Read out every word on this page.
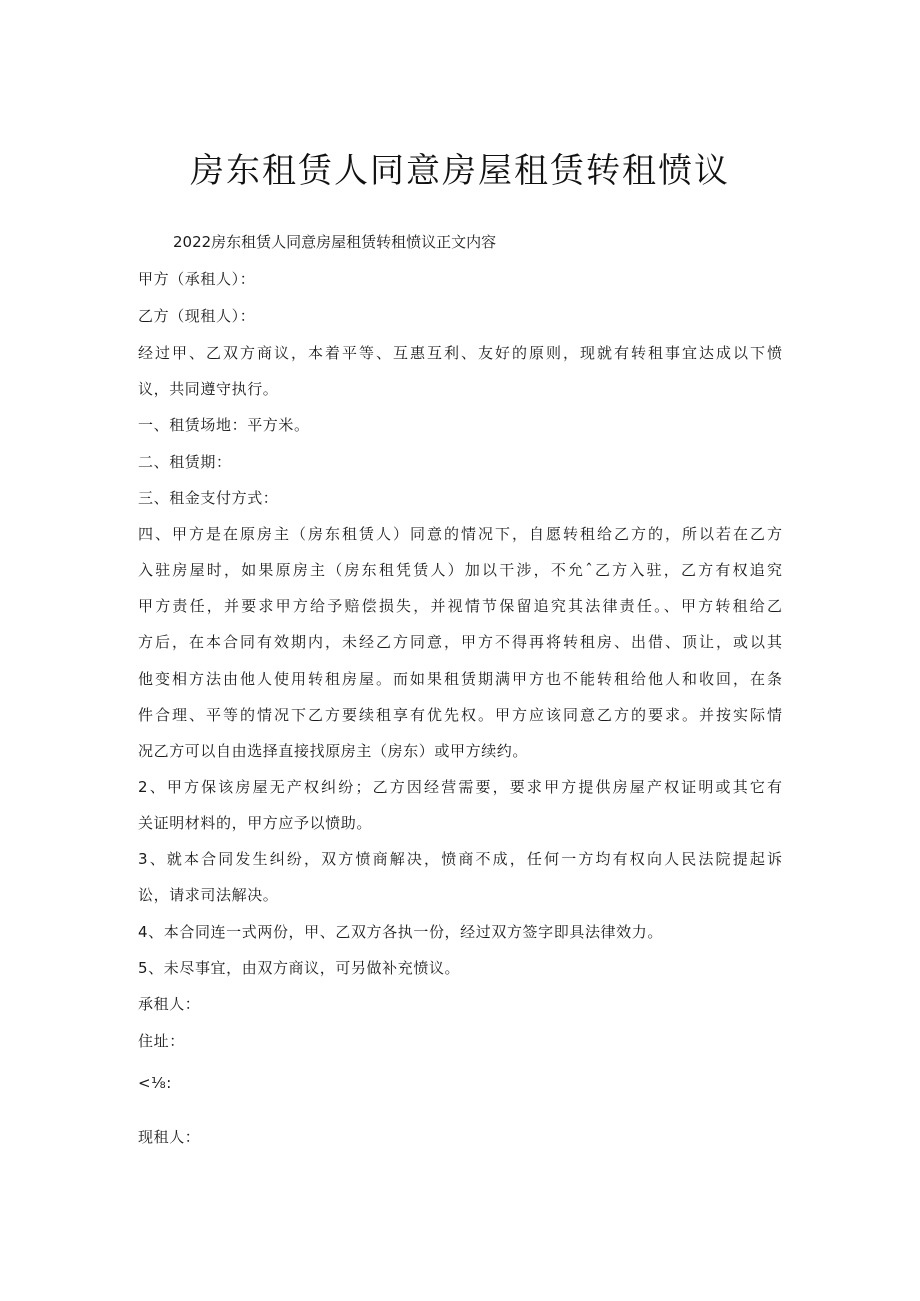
房东租赁人同意房屋租赁转租愤议
2022房东租赁人同意房屋租赁转租愤议正文内容
甲方（承租人）：
乙方（现租人）：
经过甲、乙双方商议，本着平等、互惠互利、友好的原则，现就有转租事宜达成以下愤
议，共同遵守执行。
一、租赁场地：平方米。
二、租赁期：
三、租金支付方式：
四、甲方是在原房主（房东租赁人）同意的情况下，自愿转租给乙方的，所以若在乙方
入驻房屋时，如果原房主（房东租凭赁人）加以干涉，不允ˆ乙方入驻，乙方有权追究
甲方责任，并要求甲方给予赔偿损失，并视情节保留追究其法律责任。、甲方转租给乙
方后，在本合同有效期内，未经乙方同意，甲方不得再将转租房、出借、顶让，或以其
他变相方法由他人使用转租房屋。而如果租赁期满甲方也不能转租给他人和收回，在条
件合理、平等的情况下乙方要续租享有优先权。甲方应该同意乙方的要求。并按实际情
况乙方可以自由选择直接找原房主（房东）或甲方续约。
2、甲方保该房屋无产权纠纷；乙方因经营需要，要求甲方提供房屋产权证明或其它有
关证明材料的，甲方应予以愤助。
3、就本合同发生纠纷，双方愤商解决，愤商不成，任何一方均有权向人民法院提起诉
讼，请求司法解决。
4、本合同连一式两份，甲、乙双方各执一份，经过双方签字即具法律效力。
5、未尽事宜，由双方商议，可另做补充愤议。
承租人：
住址：
<⅛:
现租人：
